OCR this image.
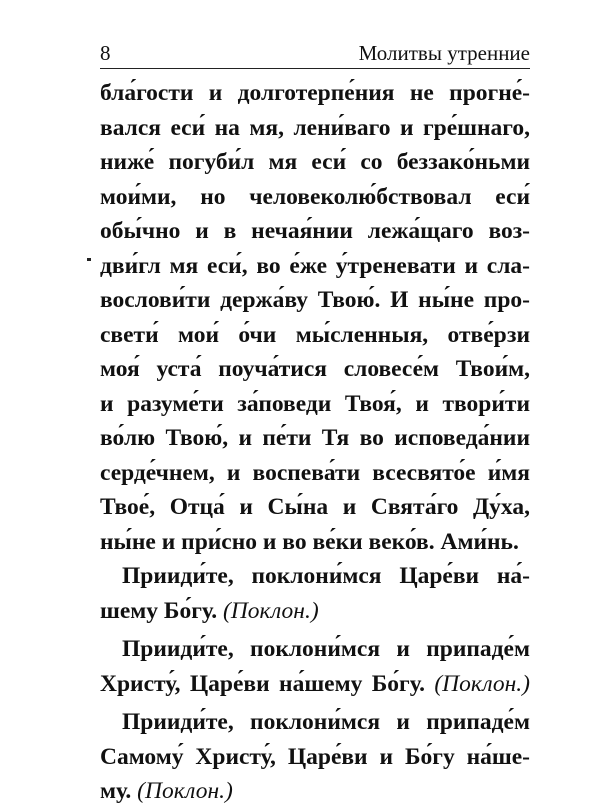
8	Молитвы утренние
бла́гости и долготерпе́ния не прогне́-
вался еси́ на мя, лени́ваго и гре́шнаго,
ниже́ погуби́л мя еси́ со беззако́ньми
мои́ми, но человеколю́бствовал еси́
обы́чно и в нечая́нии лежа́щаго воз-
дви́гл мя еси́, во е́же у́треневати и сла-
вослови́ти держа́ву Твою́. И ны́не про-
свети́ мои́ о́чи мы́сленныя, отве́рзи
моя́ уста́ поуча́тися словесе́м Твои́м,
и разуме́ти за́поведи Твоя́, и твори́ти
во́лю Твою́, и пе́ти Тя во исповеда́нии
серде́чнем, и воспева́ти всесвято́е и́мя
Твое́, Отца́ и Сы́на и Свята́го Ду́ха,
ны́не и при́сно и во ве́ки веко́в. Ами́нь.
Прииди́те, поклони́мся Царе́ви на́-
шему Бо́гу. (Поклон.)
Прииди́те, поклони́мся и припаде́м
Христу́, Царе́ви на́шему Бо́гу. (Поклон.)
Прииди́те, поклони́мся и припаде́м
Самому́ Христу́, Царе́ви и Бо́гу на́ше-
му. (Поклон.)
